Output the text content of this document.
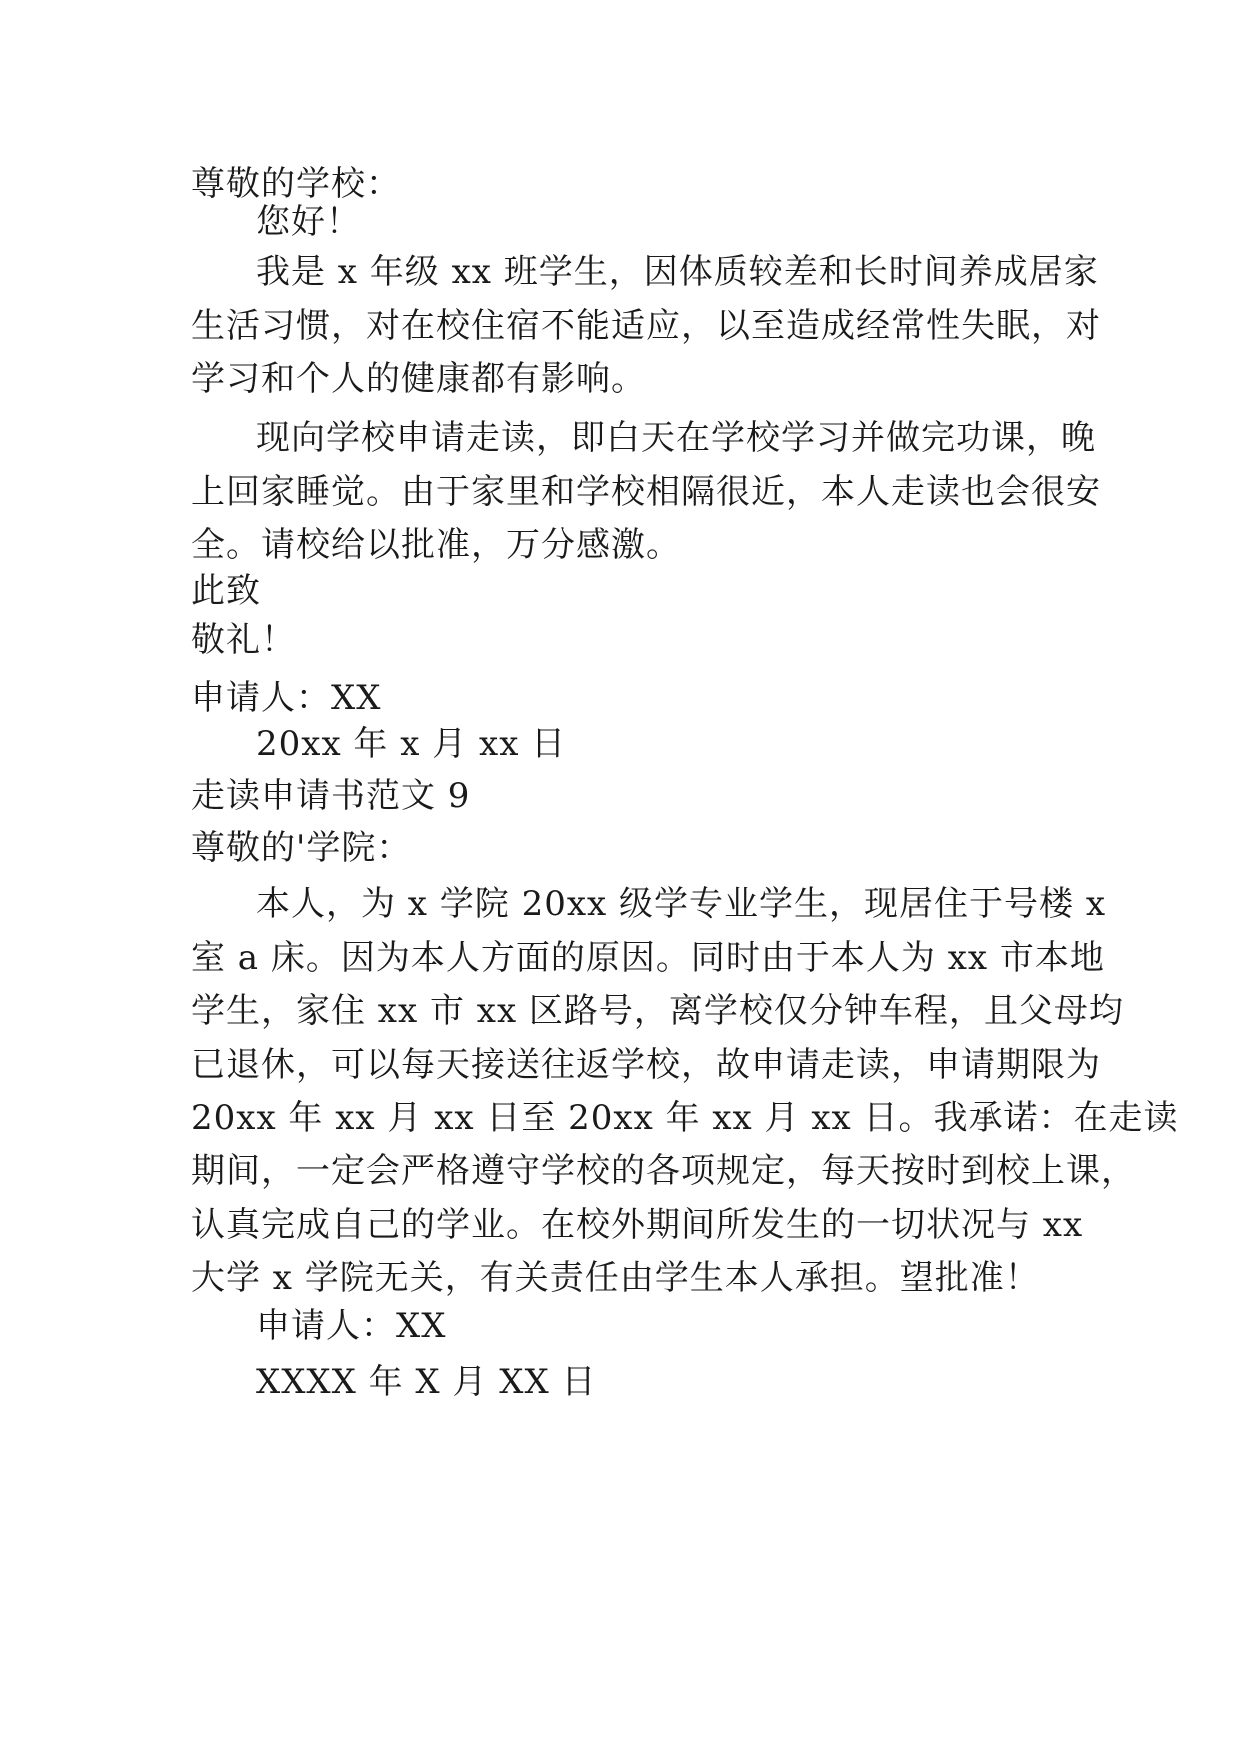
尊敬的学校：
您好！
我是 x 年级 xx 班学生，因体质较差和长时间养成居家
生活习惯，对在校住宿不能适应，以至造成经常性失眠，对
学习和个人的健康都有影响。
现向学校申请走读，即白天在学校学习并做完功课，晚
上回家睡觉。由于家里和学校相隔很近，本人走读也会很安
全。请校给以批准，万分感激。
此致
敬礼！
申请人：XX
20xx 年 x 月 xx 日
走读申请书范文 9
尊敬的'学院：
本人，为 x 学院 20xx 级学专业学生，现居住于号楼 x
室 a 床。因为本人方面的原因。同时由于本人为 xx 市本地
学生，家住 xx 市 xx 区路号，离学校仅分钟车程，且父母均
已退休，可以每天接送往返学校，故申请走读，申请期限为
20xx 年 xx 月 xx 日至 20xx 年 xx 月 xx 日。我承诺：在走读
期间，一定会严格遵守学校的各项规定，每天按时到校上课，
认真完成自己的学业。在校外期间所发生的一切状况与 xx
大学 x 学院无关，有关责任由学生本人承担。望批准！
申请人：XX
XXXX 年 X 月 XX 日
